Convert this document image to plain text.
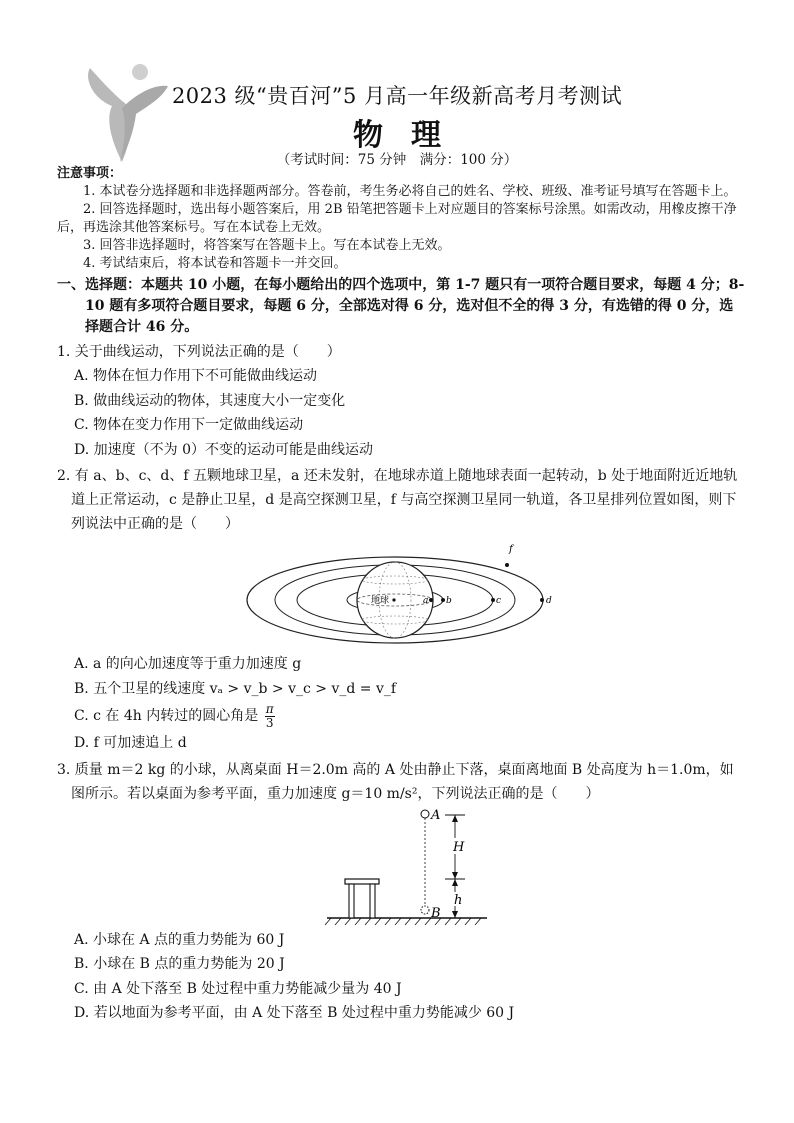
2023 级“贵百河”5 月高一年级新高考月考测试
物理
（考试时间：75 分钟　满分：100 分）

注意事项：

1. 本试卷分选择题和非选择题两部分。答卷前，考生务必将自己的姓名、学校、班级、准考证号填写在答题卡上。

2. 回答选择题时，选出每小题答案后，用 2B 铅笔把答题卡上对应题目的答案标号涂黑。如需改动，用橡皮擦干净后，再选涂其他答案标号。写在本试卷上无效。

3. 回答非选择题时，将答案写在答题卡上。写在本试卷上无效。

4. 考试结束后，将本试卷和答题卡一并交回。

一、选择题：本题共 10 小题，在每小题给出的四个选项中，第 1-7 题只有一项符合题目要求，每题 4 分；8-10 题有多项符合题目要求，每题 6 分，全部选对得 6 分，选对但不全的得 3 分，有选错的得 0 分，选择题合计 46 分。
1. 关于曲线运动，下列说法正确的是（　　）
A. 物体在恒力作用下不可能做曲线运动
B. 做曲线运动的物体，其速度大小一定变化
C. 物体在变力作用下一定做曲线运动
D. 加速度（不为 0）不变的运动可能是曲线运动
2. 有 a、b、c、d、f 五颗地球卫星，a 还未发射，在地球赤道上随地球表面一起转动，b 处于地面附近近地轨道上正常运动，c 是静止卫星，d 是高空探测卫星，f 与高空探测卫星同一轨道，各卫星排列位置如图，则下列说法中正确的是（　　）
地球	a b	c	d
f
A. a 的向心加速度等于重力加速度 g
B. 五个卫星的线速度 vₐ > v_b > v_c > v_d = v_f
C. c 在 4h 内转过的圆心角是 $\frac{\pi}{3}$
D. f 可加速追上 d
3. 质量 m＝2 kg 的小球，从离桌面 H＝2.0m 高的 A 处由静止下落，桌面离地面 B 处高度为 h＝1.0m，如图所示。若以桌面为参考平面，重力加速度 g＝10 m/s²，下列说法正确的是（　　）
A
B
H
h
A. 小球在 A 点的重力势能为 60 J
B. 小球在 B 点的重力势能为 20 J
C. 由 A 处下落至 B 处过程中重力势能减少量为 40 J
D. 若以地面为参考平面，由 A 处下落至 B 处过程中重力势能减少 60 J
